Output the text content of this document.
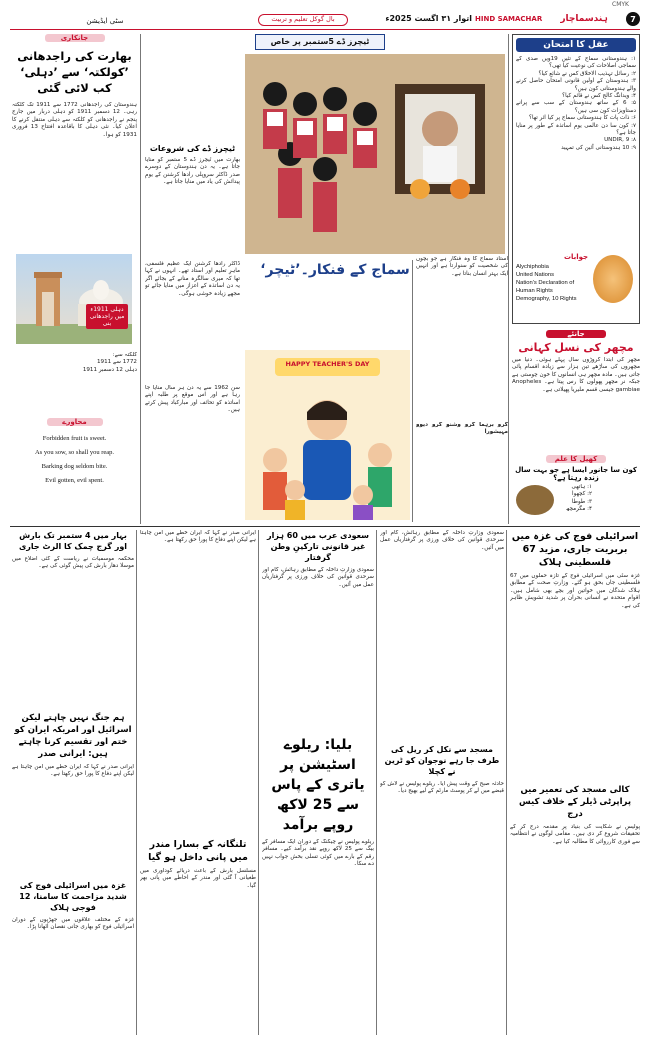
CMYK
7
ہندسماچار
HIND SAMACHAR
اتوار ۳۱ اگست 2025ء
بال گوکل تعلیم و تربیت
سٹی ایڈیشن
جانکاری
بھارت کی راجدھانی ’کولکتہ‘ سے ’دہلی‘ کب لائی گئی
ہندوستان کی راجدھانی 1772 سے 1911 تک کلکتہ رہی۔ 12 دسمبر 1911 کو دہلی دربار میں جارج پنجم نے راجدھانی کو کلکتہ سے دہلی منتقل کرنے کا اعلان کیا۔ نئی دہلی کا باقاعدہ افتتاح 13 فروری 1931 کو ہوا۔
دہلی 1911ء میں راجدھانی بنی
کلکتہ سے:
1772 سے 1911
دہلی 12 دسمبر 1911
محاورے
Forbidden fruit is sweet.
As you sow, so shall you reap.
Barking dog seldom bite.
Evil gotten, evil spent.
ٹیچرز ڈے کی شروعات
بھارت میں ٹیچرز ڈے 5 ستمبر کو منایا جاتا ہے۔ یہ دن ہندوستان کے دوسرے صدر ڈاکٹر سروپلی رادھا کرشنن کے یومِ پیدائش کی یاد میں منایا جاتا ہے۔
ڈاکٹر رادھا کرشنن ایک عظیم فلسفی، ماہرِ تعلیم اور استاد تھے۔ انہوں نے کہا تھا کہ میری سالگرہ منانے کے بجائے اگر یہ دن اساتذہ کے اعزاز میں منایا جائے تو مجھے زیادہ خوشی ہوگی۔
سن 1962 سے یہ دن ہر سال منایا جا رہا ہے اور اس موقع پر طلبہ اپنے اساتذہ کو تحائف اور مبارکباد پیش کرتے ہیں۔
ٹیچرز ڈے 5ستمبر پر خاص
سماج کے فنکار۔’ٹیچر‘
استاد سماج کا وہ فنکار ہے جو بچوں کی شخصیت کو سنوارتا ہے اور انہیں ایک بہتر انسان بناتا ہے۔
گرو برہما گرو وشنو گرو دیوو مہیشورا
HAPPY TEACHER'S DAY
عقل کا امتحان
۱: ہندوستانی سماج کے تئیں 19ویں صدی کے سماجی اصلاحات کی نوعیت کیا تھی؟
۲: رسائل تہذیب الاخلاق کس نے شائع کیا؟
۳: ہندوستان کے اولین قانونی امتحان حاصل کرنے والے ہندوستانی کون ہیں؟
۴: ویدانگ کالج کس نے قائم کیا؟
۵: 6 کے ساتھ ہندوستان کے سب سے پرانے دستاویزات کون سی ہیں؟
۶: ذات پات کا ہندوستانی سماج پر کیا اثر تھا؟
۷: کون سا دن عالمی یومِ اساتذہ کے طور پر منایا جاتا ہے؟
۸: UNDIR, 9
۹: 10 ہندوستانی آئین کی تمہید
جوابات
Alychiphobia
United Nations
Nation's Declaration of Human Rights
Demography, 10 Rights
جانئے
مچھر کی نسل کہانی
مچھر کی ابتدا کروڑوں سال پہلے ہوئی۔ دنیا میں مچھروں کی ساڑھے تین ہزار سے زیادہ اقسام پائی جاتی ہیں۔ مادہ مچھر ہی انسانوں کا خون چوستی ہے جبکہ نر مچھر پھولوں کا رس پیتا ہے۔ Anopheles gambiae جیسی قسم ملیریا پھیلاتی ہے۔
کھیل کا علم
کون سا جانور ایسا ہے جو بہت سال زندہ رہتا ہے؟
۱: ہاتھی
۲: کچھوا
۳: طوطا
۴: مگرمچھ
اسرائیلی فوج کی غزہ میں بربریت جاری، مزید 67 فلسطینی ہلاک
غزہ سٹی میں اسرائیلی فوج کے تازہ حملوں میں 67 فلسطینی جاں بحق ہو گئے۔ وزارتِ صحت کے مطابق ہلاک شدگان میں خواتین اور بچے بھی شامل ہیں۔ اقوامِ متحدہ نے انسانی بحران پر شدید تشویش ظاہر کی ہے۔
کالی مسجد کی تعمیر میں پراپرٹی ڈیلر کے خلاف کیس درج
پولیس نے شکایت کی بنیاد پر مقدمہ درج کر کے تحقیقات شروع کر دی ہیں۔ مقامی لوگوں نے انتظامیہ سے فوری کارروائی کا مطالبہ کیا ہے۔
سعودی وزارتِ داخلہ کے مطابق رہائش، کام اور سرحدی قوانین کی خلاف ورزی پر گرفتاریاں عمل میں آئیں۔
مسجد سے نکل کر ریل کی طرف جا رہے نوجوان کو ٹرین نے کچلا
حادثہ صبح کے وقت پیش آیا۔ ریلوے پولیس نے لاش کو قبضے میں لے کر پوسٹ مارٹم کے لیے بھیج دیا۔
سعودی عرب میں 60 ہزار غیر قانونی تارکینِ وطن گرفتار
سعودی وزارتِ داخلہ کے مطابق رہائش، کام اور سرحدی قوانین کی خلاف ورزی پر گرفتاریاں عمل میں آئیں۔
بلیا: ریلوے اسٹیشن پر یاتری کے پاس سے 25 لاکھ روپے برآمد
ریلوے پولیس نے چیکنگ کے دوران ایک مسافر کے بیگ سے 25 لاکھ روپے نقد برآمد کیے۔ مسافر رقم کے بارے میں کوئی تسلی بخش جواب نہیں دے سکا۔
ایرانی صدر نے کہا کہ ایران خطے میں امن چاہتا ہے لیکن اپنے دفاع کا پورا حق رکھتا ہے۔
تلنگانہ کے بسارا مندر میں پانی داخل ہو گیا
مسلسل بارش کے باعث دریائے گوداوری میں طغیانی آ گئی اور مندر کے احاطے میں پانی بھر گیا۔
بہار میں 4 ستمبر تک بارش اور گرج چمک کا الرٹ جاری
محکمہ موسمیات نے ریاست کے کئی اضلاع میں موسلا دھار بارش کی پیش گوئی کی ہے۔
ہم جنگ نہیں چاہتے لیکن اسرائیل اور امریکہ ایران کو ختم اور تقسیم کرنا چاہتے ہیں: ایرانی صدر
ایرانی صدر نے کہا کہ ایران خطے میں امن چاہتا ہے لیکن اپنے دفاع کا پورا حق رکھتا ہے۔
غزہ میں اسرائیلی فوج کی شدید مزاحمت کا سامنا، 12 فوجی ہلاک
غزہ کے مختلف علاقوں میں جھڑپوں کے دوران اسرائیلی فوج کو بھاری جانی نقصان اٹھانا پڑا۔
